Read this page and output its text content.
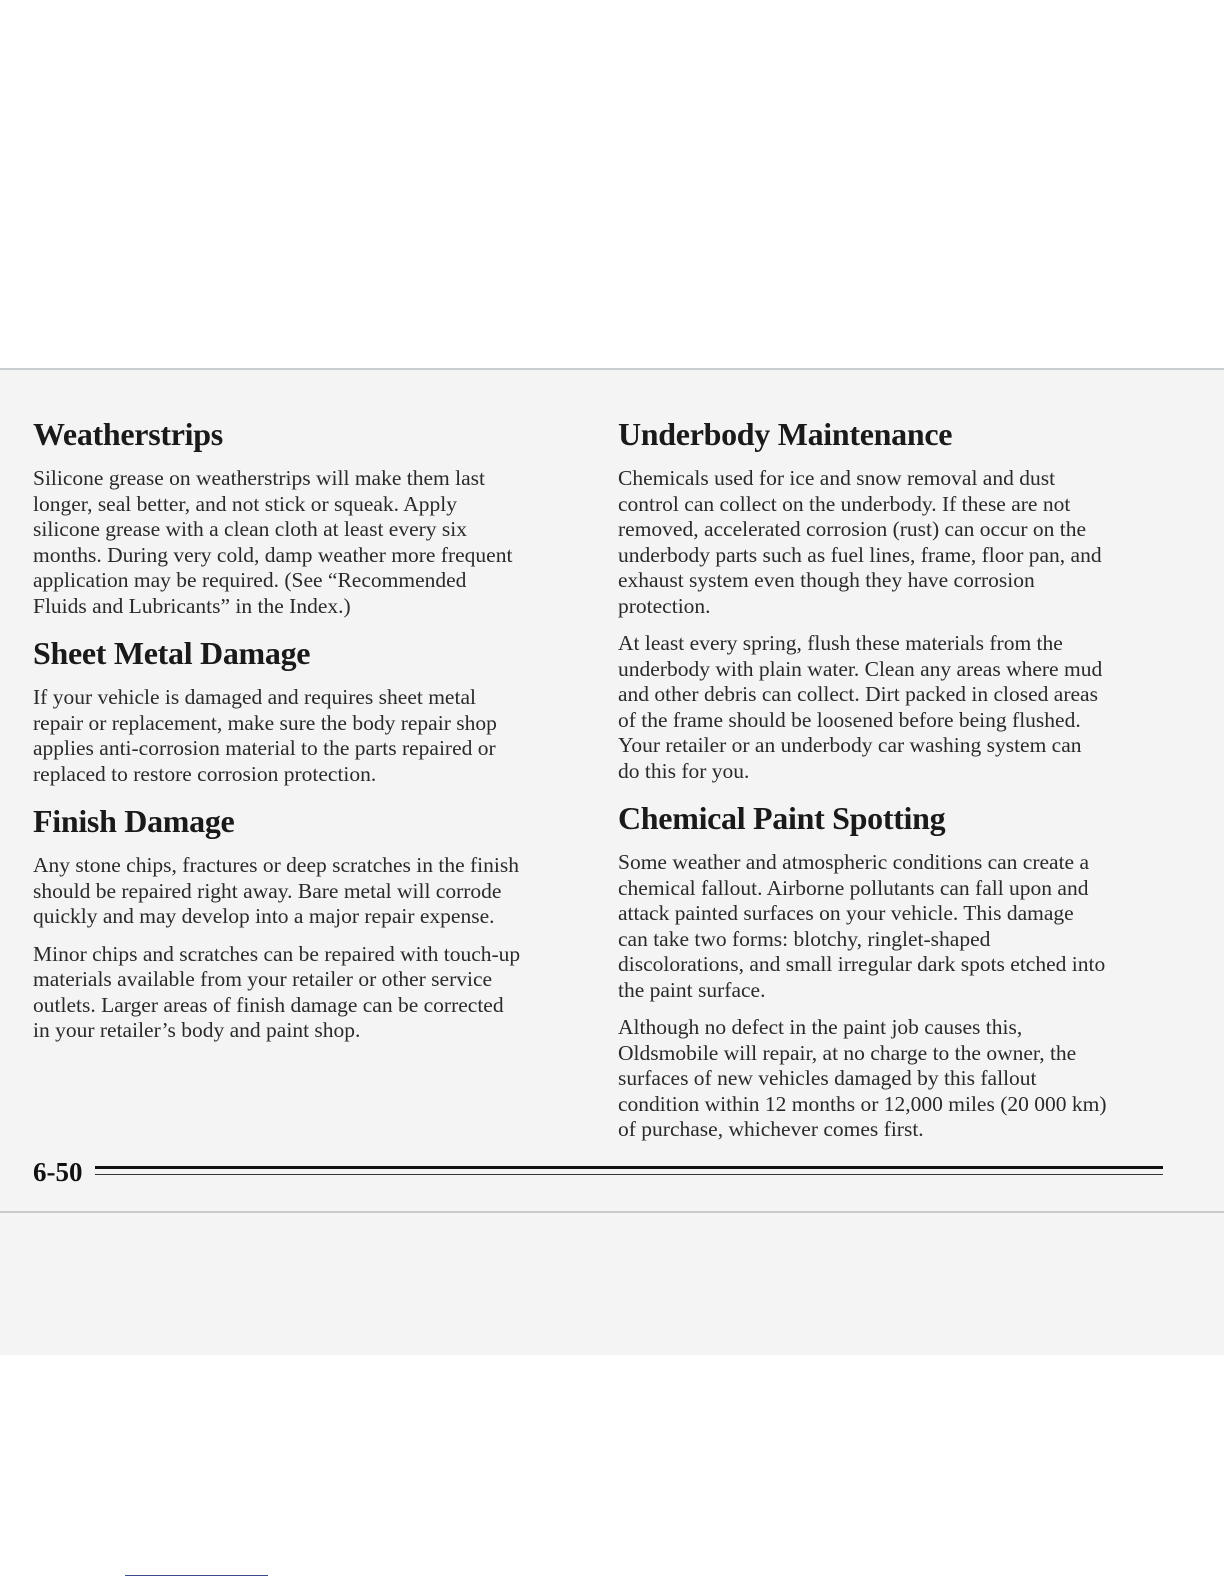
Weatherstrips

Silicone grease on weatherstrips will make them last
longer, seal better, and not stick or squeak. Apply
silicone grease with a clean cloth at least every six
months. During very cold, damp weather more frequent
application may be required. (See “Recommended
Fluids and Lubricants” in the Index.)

Sheet Metal Damage

If your vehicle is damaged and requires sheet metal
repair or replacement, make sure the body repair shop
applies anti-corrosion material to the parts repaired or
replaced to restore corrosion protection.

Finish Damage

Any stone chips, fractures or deep scratches in the finish
should be repaired right away. Bare metal will corrode
quickly and may develop into a major repair expense.

Minor chips and scratches can be repaired with touch-up
materials available from your retailer or other service
outlets. Larger areas of finish damage can be corrected
in your retailer’s body and paint shop.

Underbody Maintenance

Chemicals used for ice and snow removal and dust
control can collect on the underbody. If these are not
removed, accelerated corrosion (rust) can occur on the
underbody parts such as fuel lines, frame, floor pan, and
exhaust system even though they have corrosion
protection.

At least every spring, flush these materials from the
underbody with plain water. Clean any areas where mud
and other debris can collect. Dirt packed in closed areas
of the frame should be loosened before being flushed.
Your retailer or an underbody car washing system can
do this for you.

Chemical Paint Spotting

Some weather and atmospheric conditions can create a
chemical fallout. Airborne pollutants can fall upon and
attack painted surfaces on your vehicle. This damage
can take two forms: blotchy, ringlet-shaped
discolorations, and small irregular dark spots etched into
the paint surface.

Although no defect in the paint job causes this,
Oldsmobile will repair, at no charge to the owner, the
surfaces of new vehicles damaged by this fallout
condition within 12 months or 12,000 miles (20 000 km)
of purchase, whichever comes first.

6-50
